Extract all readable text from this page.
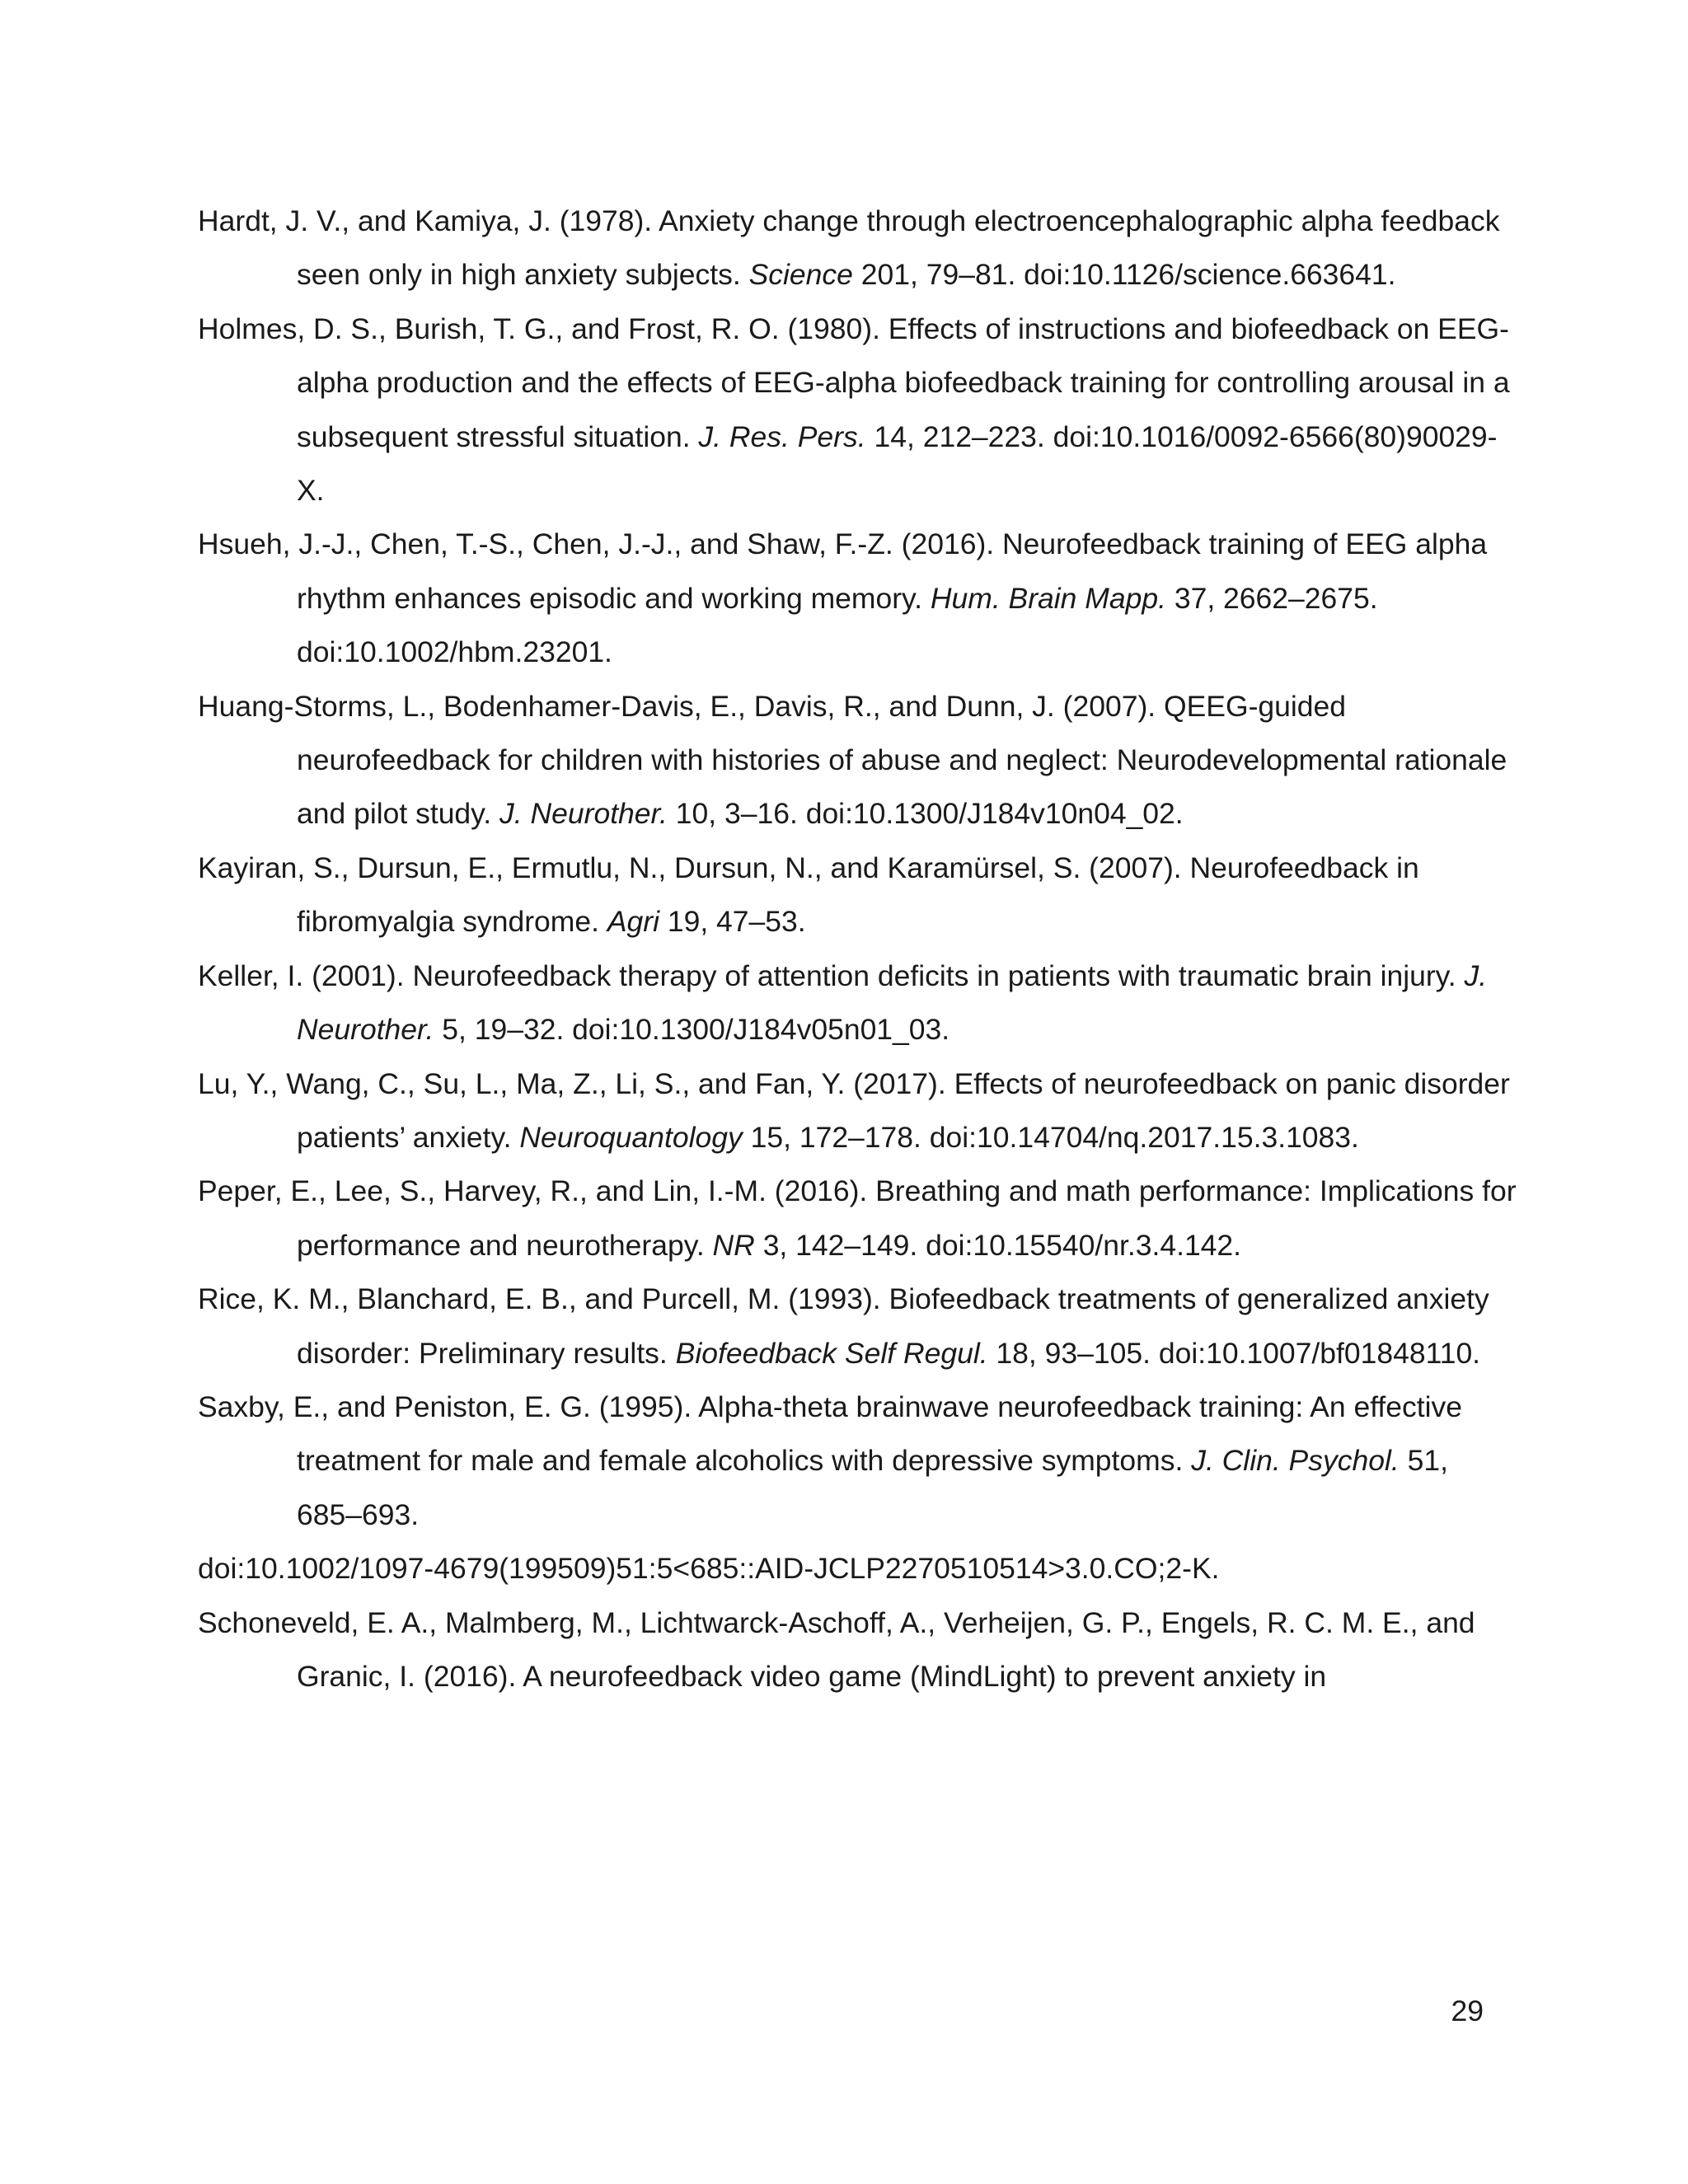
Hardt, J. V., and Kamiya, J. (1978). Anxiety change through electroencephalographic alpha feedback seen only in high anxiety subjects. Science 201, 79–81. doi:10.1126/science.663641.
Holmes, D. S., Burish, T. G., and Frost, R. O. (1980). Effects of instructions and biofeedback on EEG-alpha production and the effects of EEG-alpha biofeedback training for controlling arousal in a subsequent stressful situation. J. Res. Pers. 14, 212–223. doi:10.1016/0092-6566(80)90029-X.
Hsueh, J.-J., Chen, T.-S., Chen, J.-J., and Shaw, F.-Z. (2016). Neurofeedback training of EEG alpha rhythm enhances episodic and working memory. Hum. Brain Mapp. 37, 2662–2675. doi:10.1002/hbm.23201.
Huang-Storms, L., Bodenhamer-Davis, E., Davis, R., and Dunn, J. (2007). QEEG-guided neurofeedback for children with histories of abuse and neglect: Neurodevelopmental rationale and pilot study. J. Neurother. 10, 3–16. doi:10.1300/J184v10n04_02.
Kayiran, S., Dursun, E., Ermutlu, N., Dursun, N., and Karamürsel, S. (2007). Neurofeedback in fibromyalgia syndrome. Agri 19, 47–53.
Keller, I. (2001). Neurofeedback therapy of attention deficits in patients with traumatic brain injury. J. Neurother. 5, 19–32. doi:10.1300/J184v05n01_03.
Lu, Y., Wang, C., Su, L., Ma, Z., Li, S., and Fan, Y. (2017). Effects of neurofeedback on panic disorder patients’ anxiety. Neuroquantology 15, 172–178. doi:10.14704/nq.2017.15.3.1083.
Peper, E., Lee, S., Harvey, R., and Lin, I.-M. (2016). Breathing and math performance: Implications for performance and neurotherapy. NR 3, 142–149. doi:10.15540/nr.3.4.142.
Rice, K. M., Blanchard, E. B., and Purcell, M. (1993). Biofeedback treatments of generalized anxiety disorder: Preliminary results. Biofeedback Self Regul. 18, 93–105. doi:10.1007/bf01848110.
Saxby, E., and Peniston, E. G. (1995). Alpha-theta brainwave neurofeedback training: An effective treatment for male and female alcoholics with depressive symptoms. J. Clin. Psychol. 51, 685–693.
doi:10.1002/1097-4679(199509)51:5<685::AID-JCLP2270510514>3.0.CO;2-K.
Schoneveld, E. A., Malmberg, M., Lichtwarck-Aschoff, A., Verheijen, G. P., Engels, R. C. M. E., and Granic, I. (2016). A neurofeedback video game (MindLight) to prevent anxiety in

29
